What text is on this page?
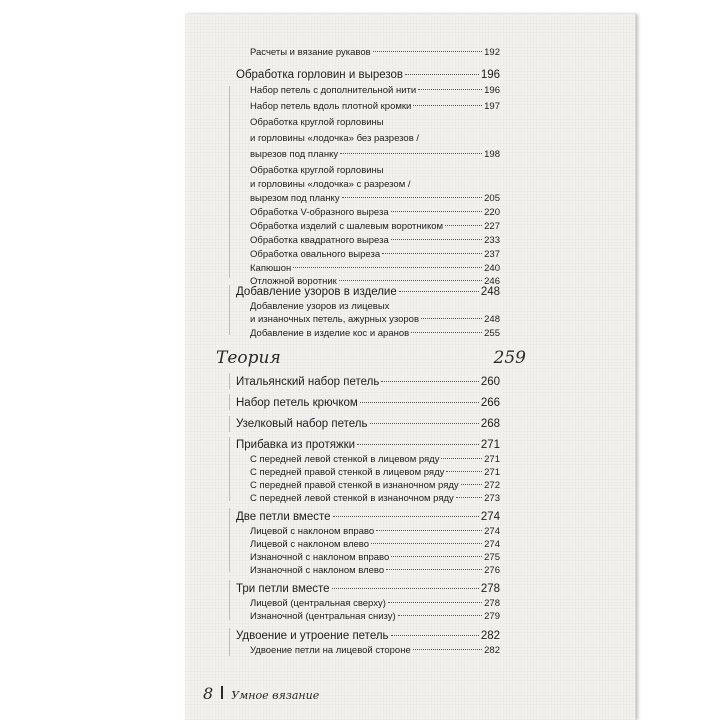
Расчеты и вязание рукавов	192
Обработка горловин и вырезов	196
Набор петель с дополнительной нити	196
Набор петель вдоль плотной кромки	197
Обработка круглой горловины
и горловины «лодочка» без разрезов /
вырезов под планку	198
Обработка круглой горловины
и горловины «лодочка» с разрезом /
вырезом под планку	205
Обработка V-образного выреза	220
Обработка изделий с шалевым воротником	227
Обработка квадратного выреза	233
Обработка овального выреза	237
Капюшон	240
Отложной воротник	246
Добавление узоров в изделие	248
Добавление узоров из лицевых
и изнаночных петель, ажурных узоров	248
Добавление в изделие кос и аранов	255
Теория	259
Итальянский набор петель	260
Набор петель крючком	266
Узелковый набор петель	268
Прибавка из протяжки	271
С передней левой стенкой в лицевом ряду	271
С передней правой стенкой в лицевом ряду	271
С передней правой стенкой в изнаночном ряду	272
С передней левой стенкой в изнаночном ряду	273
Две петли вместе	274
Лицевой с наклоном вправо	274
Лицевой с наклоном влево	274
Изнаночной с наклоном вправо	275
Изнаночной с наклоном влево	276
Три петли вместе	278
Лицевой (центральная сверху)	278
Изнаночной (центральная снизу)	279
Удвоение и утроение петель	282
Удвоение петли на лицевой стороне	282
8 Умное вязание
